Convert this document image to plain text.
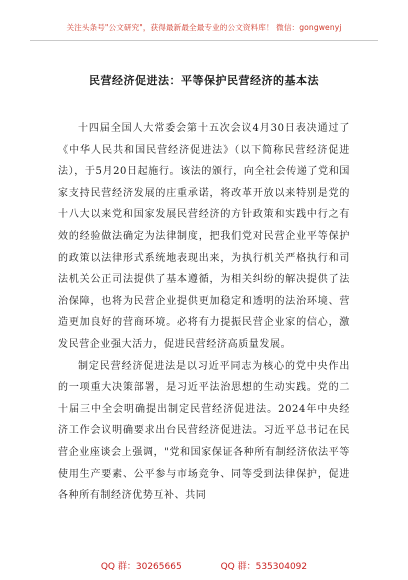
关注头条号"公文研究"，获得最新最全最专业的公文资料库！ 微信：gongwenyj
民营经济促进法：平等保护民营经济的基本法

十四届全国人大常委会第十五次会议4月30日表决通过了《中华人民共和国民营经济促进法》（以下简称民营经济促进法），于5月20日起施行。该法的颁行，向全社会传递了党和国家支持民营经济发展的庄重承诺，将改革开放以来特别是党的十八大以来党和国家发展民营经济的方针政策和实践中行之有效的经验做法确定为法律制度，把我们党对民营企业平等保护的政策以法律形式系统地表现出来，为执行机关严格执行和司法机关公正司法提供了基本遵循，为相关纠纷的解决提供了法治保障，也将为民营企业提供更加稳定和透明的法治环境、营造更加良好的营商环境。必将有力提振民营企业家的信心，激发民营企业强大活力，促进民营经济高质量发展。

制定民营经济促进法是以习近平同志为核心的党中央作出的一项重大决策部署，是习近平法治思想的生动实践。党的二十届三中全会明确提出制定民营经济促进法。2024年中央经济工作会议明确要求出台民营经济促进法。习近平总书记在民营企业座谈会上强调，"党和国家保证各种所有制经济依法平等使用生产要素、公平参与市场竞争、同等受到法律保护，促进各种所有制经济优势互补、共同

QQ 群：30265665	QQ 群：535304092
